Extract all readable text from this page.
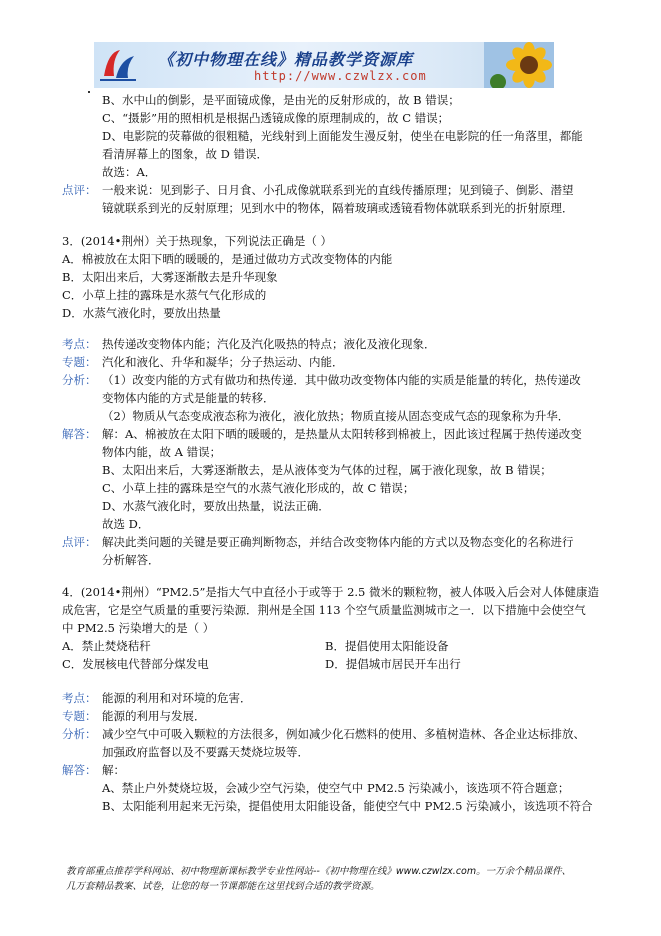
《初中物理在线》精品教学资源库
http://www.czwlzx.com
B、水中山的倒影，是平面镜成像，是由光的反射形成的，故 B 错误；
C、“摄影”用的照相机是根据凸透镜成像的原理制成的，故 C 错误；
D、电影院的荧幕做的很粗糙，光线射到上面能发生漫反射，使坐在电影院的任一角落里，都能
看清屏幕上的图象，故 D 错误．
故选：A．
点评： 一般来说：见到影子、日月食、小孔成像就联系到光的直线传播原理；见到镜子、倒影、潜望
镜就联系到光的反射原理；见到水中的物体，隔着玻璃或透镜看物体就联系到光的折射原理．
3．(2014•荆州）关于热现象，下列说法正确是（ ）
A．棉被放在太阳下晒的暖暖的，是通过做功方式改变物体的内能
B．太阳出来后，大雾逐渐散去是升华现象
C．小草上挂的露珠是水蒸气气化形成的
D．水蒸气液化时，要放出热量
考点： 热传递改变物体内能；汽化及汽化吸热的特点；液化及液化现象．
专题： 汽化和液化、升华和凝华；分子热运动、内能．
分析： （1）改变内能的方式有做功和热传递．其中做功改变物体内能的实质是能量的转化，热传递改
变物体内能的方式是能量的转移．
（2）物质从气态变成液态称为液化，液化放热；物质直接从固态变成气态的现象称为升华．
解答： 解：A、棉被放在太阳下晒的暖暖的，是热量从太阳转移到棉被上，因此该过程属于热传递改变
物体内能，故 A 错误；
B、太阳出来后，大雾逐渐散去，是从液体变为气体的过程，属于液化现象，故 B 错误；
C、小草上挂的露珠是空气的水蒸气液化形成的，故 C 错误；
D、水蒸气液化时，要放出热量，说法正确．
故选 D．
点评： 解决此类问题的关键是要正确判断物态，并结合改变物体内能的方式以及物态变化的名称进行
分析解答．
4．(2014•荆州）“PM2.5”是指大气中直径小于或等于 2.5 微米的颗粒物，被人体吸入后会对人体健康造
成危害，它是空气质量的重要污染源．荆州是全国 113 个空气质量监测城市之一．以下措施中会使空气
中 PM2.5 污染增大的是（ ）
A．禁止焚烧秸秆	B．提倡使用太阳能设备
C．发展核电代替部分煤发电	D．提倡城市居民开车出行
考点： 能源的利用和对环境的危害．
专题： 能源的利用与发展．
分析： 减少空气中可吸入颗粒的方法很多，例如减少化石燃料的使用、多植树造林、各企业达标排放、
加强政府监督以及不要露天焚烧垃圾等．
解答： 解：
A、禁止户外焚烧垃圾，会减少空气污染，使空气中 PM2.5 污染减小，该选项不符合题意；
B、太阳能利用起来无污染，提倡使用太阳能设备，能使空气中 PM2.5 污染减小，该选项不符合
教育部重点推荐学科网站、初中物理新课标教学专业性网站--《初中物理在线》www.czwlzx.com。一万余个精品课件、
几万套精品教案、试卷，让您的每一节课都能在这里找到合适的教学资源。
